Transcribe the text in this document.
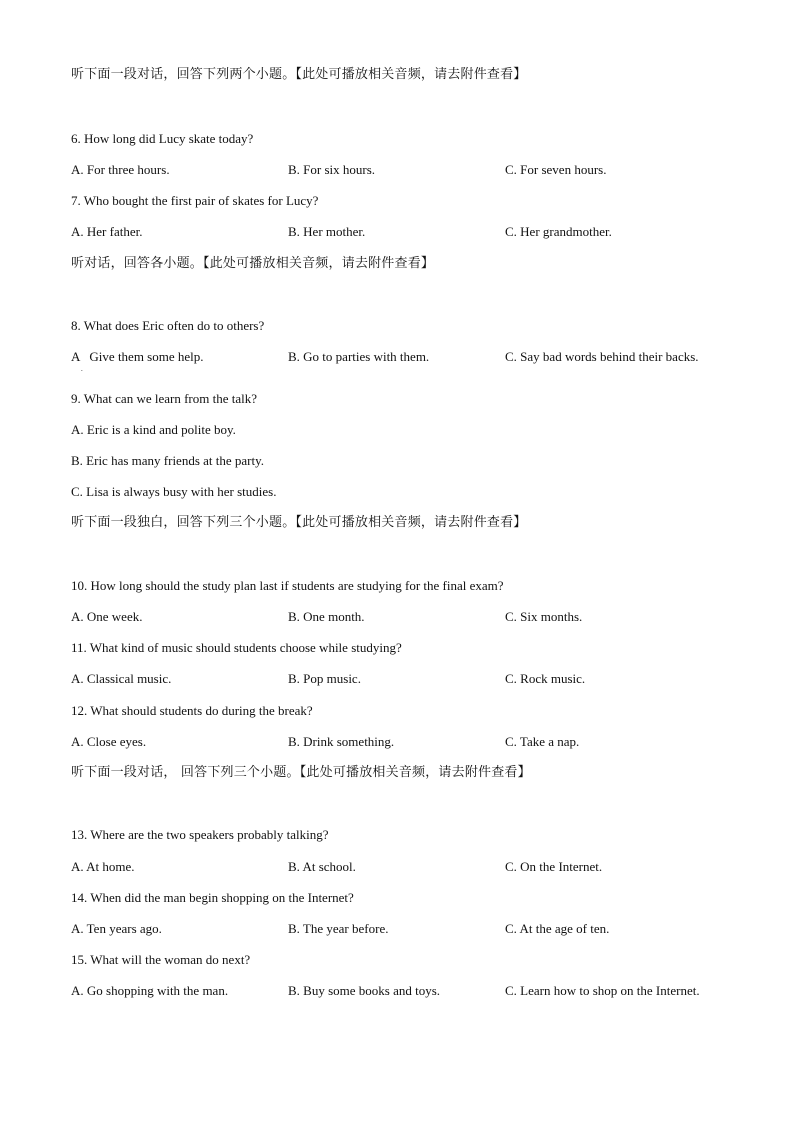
听下面一段对话，回答下列两个小题。【此处可播放相关音频，请去附件查看】
6. How long did Lucy skate today?
A. For three hours.	B. For six hours.	C. For seven hours.
7. Who bought the first pair of skates for Lucy?
A. Her father.	B. Her mother.	C. Her grandmother.
听对话，回答各小题。【此处可播放相关音频，请去附件查看】
8. What does Eric often do to others?
A   Give them some help.
.
B. Go to parties with them.	C. Say bad words behind their backs.
9. What can we learn from the talk?
A. Eric is a kind and polite boy.
B. Eric has many friends at the party.
C. Lisa is always busy with her studies.
听下面一段独白，回答下列三个小题。【此处可播放相关音频，请去附件查看】
10. How long should the study plan last if students are studying for the final exam?
A. One week.	B. One month.	C. Six months.
11. What kind of music should students choose while studying?
A. Classical music.	B. Pop music.	C. Rock music.
12. What should students do during the break?
A. Close eyes.	B. Drink something.	C. Take a nap.
听下面一段对话， 回答下列三个小题。【此处可播放相关音频，请去附件查看】
13. Where are the two speakers probably talking?
A. At home.	B. At school.	C. On the Internet.
14. When did the man begin shopping on the Internet?
A. Ten years ago.	B. The year before.	C. At the age of ten.
15. What will the woman do next?
A. Go shopping with the man.	B. Buy some books and toys.	C. Learn how to shop on the Internet.
